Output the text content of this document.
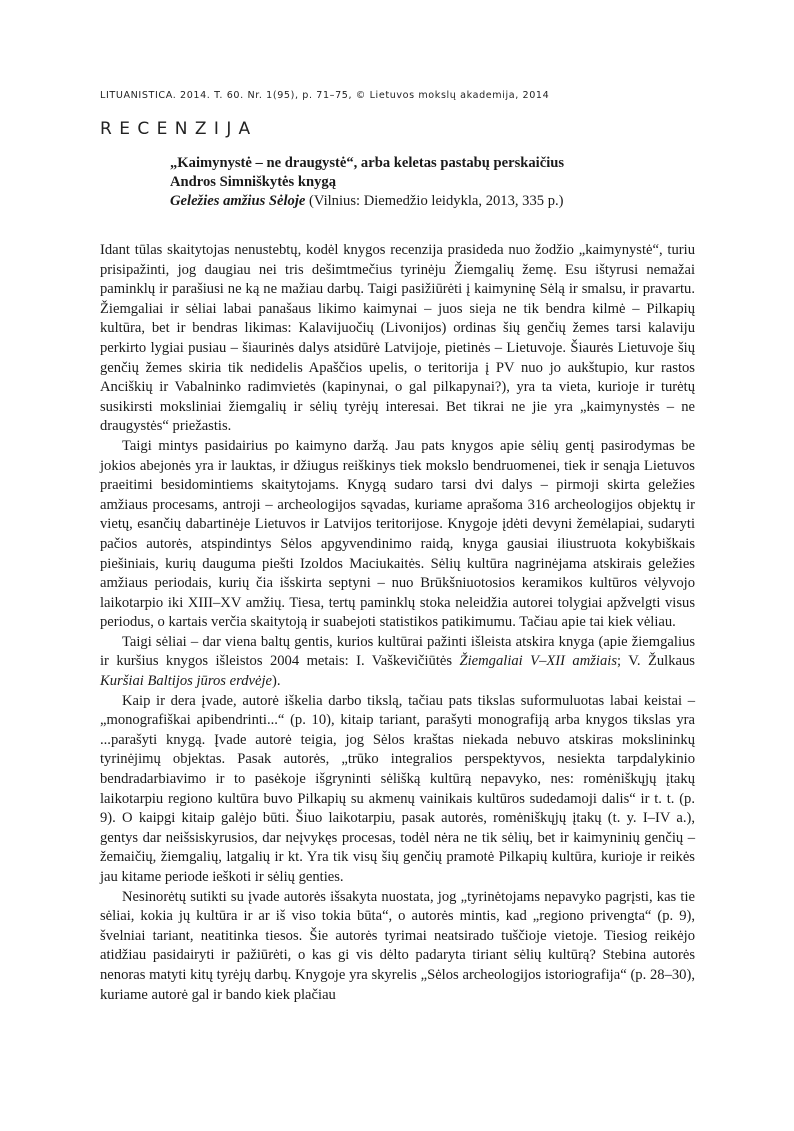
LITUANISTICA. 2014. T. 60. Nr. 1(95), p. 71–75, © Lietuvos mokslų akademija, 2014
RECENZIJA
„Kaimynystė – ne draugystė“, arba keletas pastabų perskaičius
Andros Simniškytės knygą
Geležies amžius Sėloje (Vilnius: Diemedžio leidykla, 2013, 335 p.)

Idant tūlas skaitytojas nenustebtų, kodėl knygos recenzija prasideda nuo žodžio „kaimynystė“, turiu prisipažinti, jog daugiau nei tris dešimtmečius tyrinėju Žiemgalių žemę. Esu ištyrusi nemažai paminklų ir parašiusi ne ką ne mažiau darbų. Taigi pasižiūrėti į kaimyninę Sėlą ir smalsu, ir pravartu. Žiemgaliai ir sėliai labai panašaus likimo kaimynai – juos sieja ne tik bendra kilmė – Pilkapių kultūra, bet ir bendras likimas: Kalavijuočių (Livonijos) ordinas šių genčių žemes tarsi kalaviju perkirto lygiai pusiau – šiaurinės dalys atsidūrė Latvijoje, pietinės – Lietuvoje. Šiaurės Lietuvoje šių genčių žemes skiria tik nedidelis Apaščios upelis, o teritorija į PV nuo jo aukštupio, kur rastos Anciškių ir Vabalninko radimvietės (kapinynai, o gal pilkapynai?), yra ta vieta, kurioje ir turėtų susikirsti moksliniai žiemgalių ir sėlių tyrėjų interesai. Bet tikrai ne jie yra „kaimynystės – ne draugystės“ priežastis.

Taigi mintys pasidairius po kaimyno daržą. Jau pats knygos apie sėlių gentį pasirodymas be jokios abejonės yra ir lauktas, ir džiugus reiškinys tiek mokslo bendruomenei, tiek ir senąja Lietuvos praeitimi besidomintiems skaitytojams. Knygą sudaro tarsi dvi dalys – pirmoji skirta geležies amžiaus procesams, antroji – archeologijos sąvadas, kuriame aprašoma 316 archeologijos objektų ir vietų, esančių dabartinėje Lietuvos ir Latvijos teritorijose. Knygoje įdėti devyni žemėlapiai, sudaryti pačios autorės, atspindintys Sėlos apgyvendinimo raidą, knyga gausiai iliustruota kokybiškais piešiniais, kurių dauguma piešti Izoldos Maciukaitės. Sėlių kultūra nagrinėjama atskirais geležies amžiaus periodais, kurių čia išskirta septyni – nuo Brūkšniuotosios keramikos kultūros vėlyvojo laikotarpio iki XIII–XV amžių. Tiesa, tertų paminklų stoka neleidžia autorei tolygiai apžvelgti visus periodus, o kartais verčia skaitytoją ir suabejoti statistikos patikimumu. Tačiau apie tai kiek vėliau.

Taigi sėliai – dar viena baltų gentis, kurios kultūrai pažinti išleista atskira knyga (apie žiemgalius ir kuršius knygos išleistos 2004 metais: I. Vaškevičiūtės Žiemgaliai V–XII amžiais; V. Žulkaus Kuršiai Baltijos jūros erdvėje).

Kaip ir dera įvade, autorė iškelia darbo tikslą, tačiau pats tikslas suformuluotas labai keistai – „monografiškai apibendrinti...“ (p. 10), kitaip tariant, parašyti monografiją arba knygos tikslas yra ...parašyti knygą. Įvade autorė teigia, jog Sėlos kraštas niekada nebuvo atskiras mokslininkų tyrinėjimų objektas. Pasak autorės, „trūko integralios perspektyvos, nesiekta tarpdalykinio bendradarbiavimo ir to pasėkoje išgryninti sėlišką kultūrą nepavyko, nes: romėniškųjų įtakų laikotarpiu regiono kultūra buvo Pilkapių su akmenų vainikais kultūros sudedamoji dalis“ ir t. t. (p. 9). O kaipgi kitaip galėjo būti. Šiuo laikotarpiu, pasak autorės, romėniškųjų įtakų (t. y. I–IV a.), gentys dar neišsiskyrusios, dar neįvykęs procesas, todėl nėra ne tik sėlių, bet ir kaimyninių genčių – žemaičių, žiemgalių, latgalių ir kt. Yra tik visų šių genčių pramotė Pilkapių kultūra, kurioje ir reikės jau kitame periode ieškoti ir sėlių genties.

Nesinorėtų sutikti su įvade autorės išsakyta nuostata, jog „tyrinėtojams nepavyko pagrįsti, kas tie sėliai, kokia jų kultūra ir ar iš viso tokia būta“, o autorės mintis, kad „regiono privengta“ (p. 9), švelniai tariant, neatitinka tiesos. Šie autorės tyrimai neatsirado tuščioje vietoje. Tiesiog reikėjo atidžiau pasidairyti ir pažiūrėti, o kas gi vis dėlto padaryta tiriant sėlių kultūrą? Stebina autorės nenoras matyti kitų tyrėjų darbų. Knygoje yra skyrelis „Sėlos archeologijos istoriografija“ (p. 28–30), kuriame autorė gal ir bando kiek plačiau
